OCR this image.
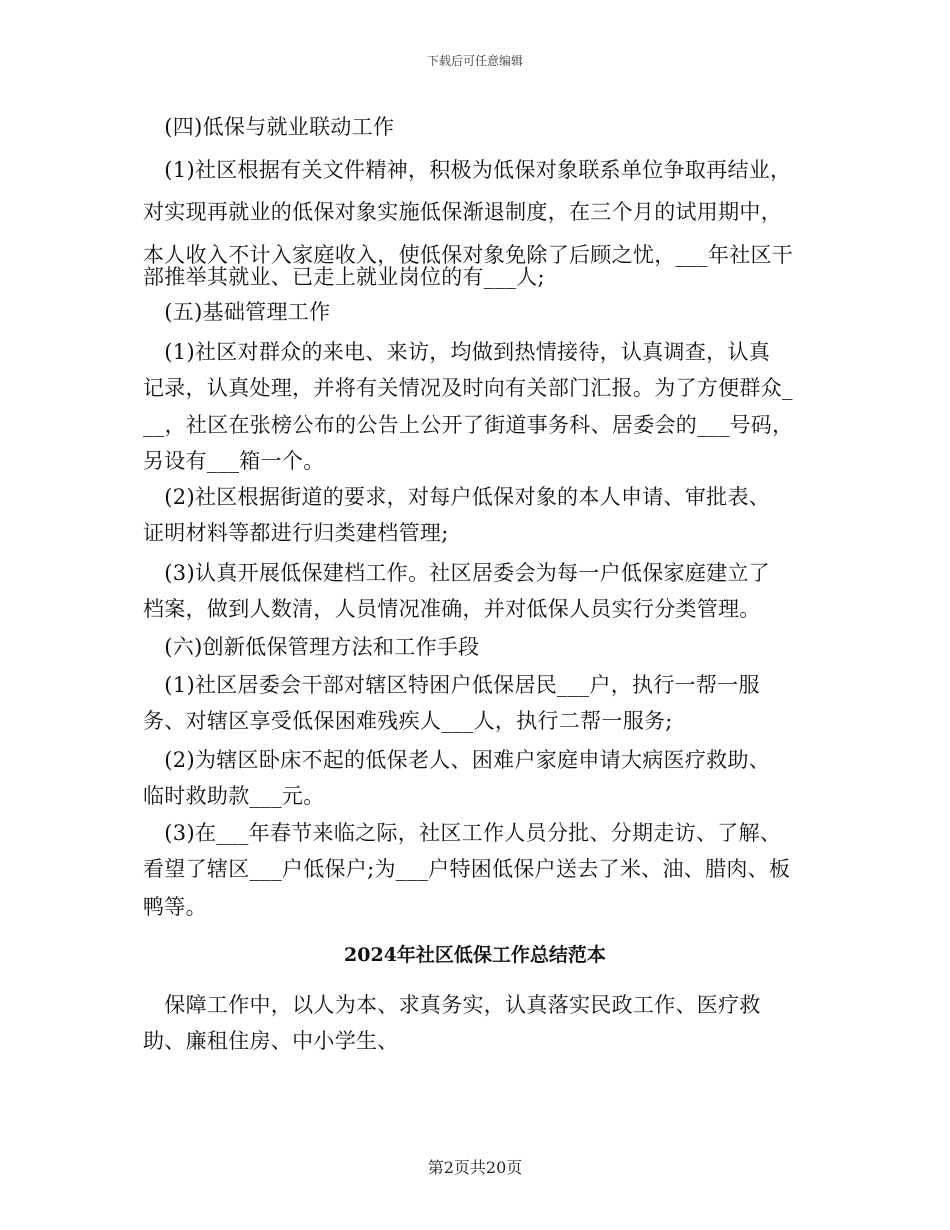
下载后可任意编辑
　(四)低保与就业联动工作
　(1)社区根据有关文件精神，积极为低保对象联系单位争取再结业，
对实现再就业的低保对象实施低保渐退制度，在三个月的试用期中，
本人收入不计入家庭收入，使低保对象免除了后顾之忧，___年社区干
部推举其就业、已走上就业岗位的有___人;
　(五)基础管理工作
　(1)社区对群众的来电、来访，均做到热情接待，认真调查，认真
记录，认真处理，并将有关情况及时向有关部门汇报。为了方便群众_
__，社区在张榜公布的公告上公开了街道事务科、居委会的___号码，
另设有___箱一个。
　(2)社区根据街道的要求，对每户低保对象的本人申请、审批表、
证明材料等都进行归类建档管理;
　(3)认真开展低保建档工作。社区居委会为每一户低保家庭建立了
档案，做到人数清，人员情况准确，并对低保人员实行分类管理。
　(六)创新低保管理方法和工作手段
　(1)社区居委会干部对辖区特困户低保居民___户，执行一帮一服
务、对辖区享受低保困难残疾人___人，执行二帮一服务;
　(2)为辖区卧床不起的低保老人、困难户家庭申请大病医疗救助、
临时救助款___元。
　(3)在___年春节来临之际，社区工作人员分批、分期走访、了解、
看望了辖区___户低保户;为___户特困低保户送去了米、油、腊肉、板
鸭等。
2024年社区低保工作总结范本
　保障工作中，以人为本、求真务实，认真落实民政工作、医疗救
助、廉租住房、中小学生、
第2页共20页
